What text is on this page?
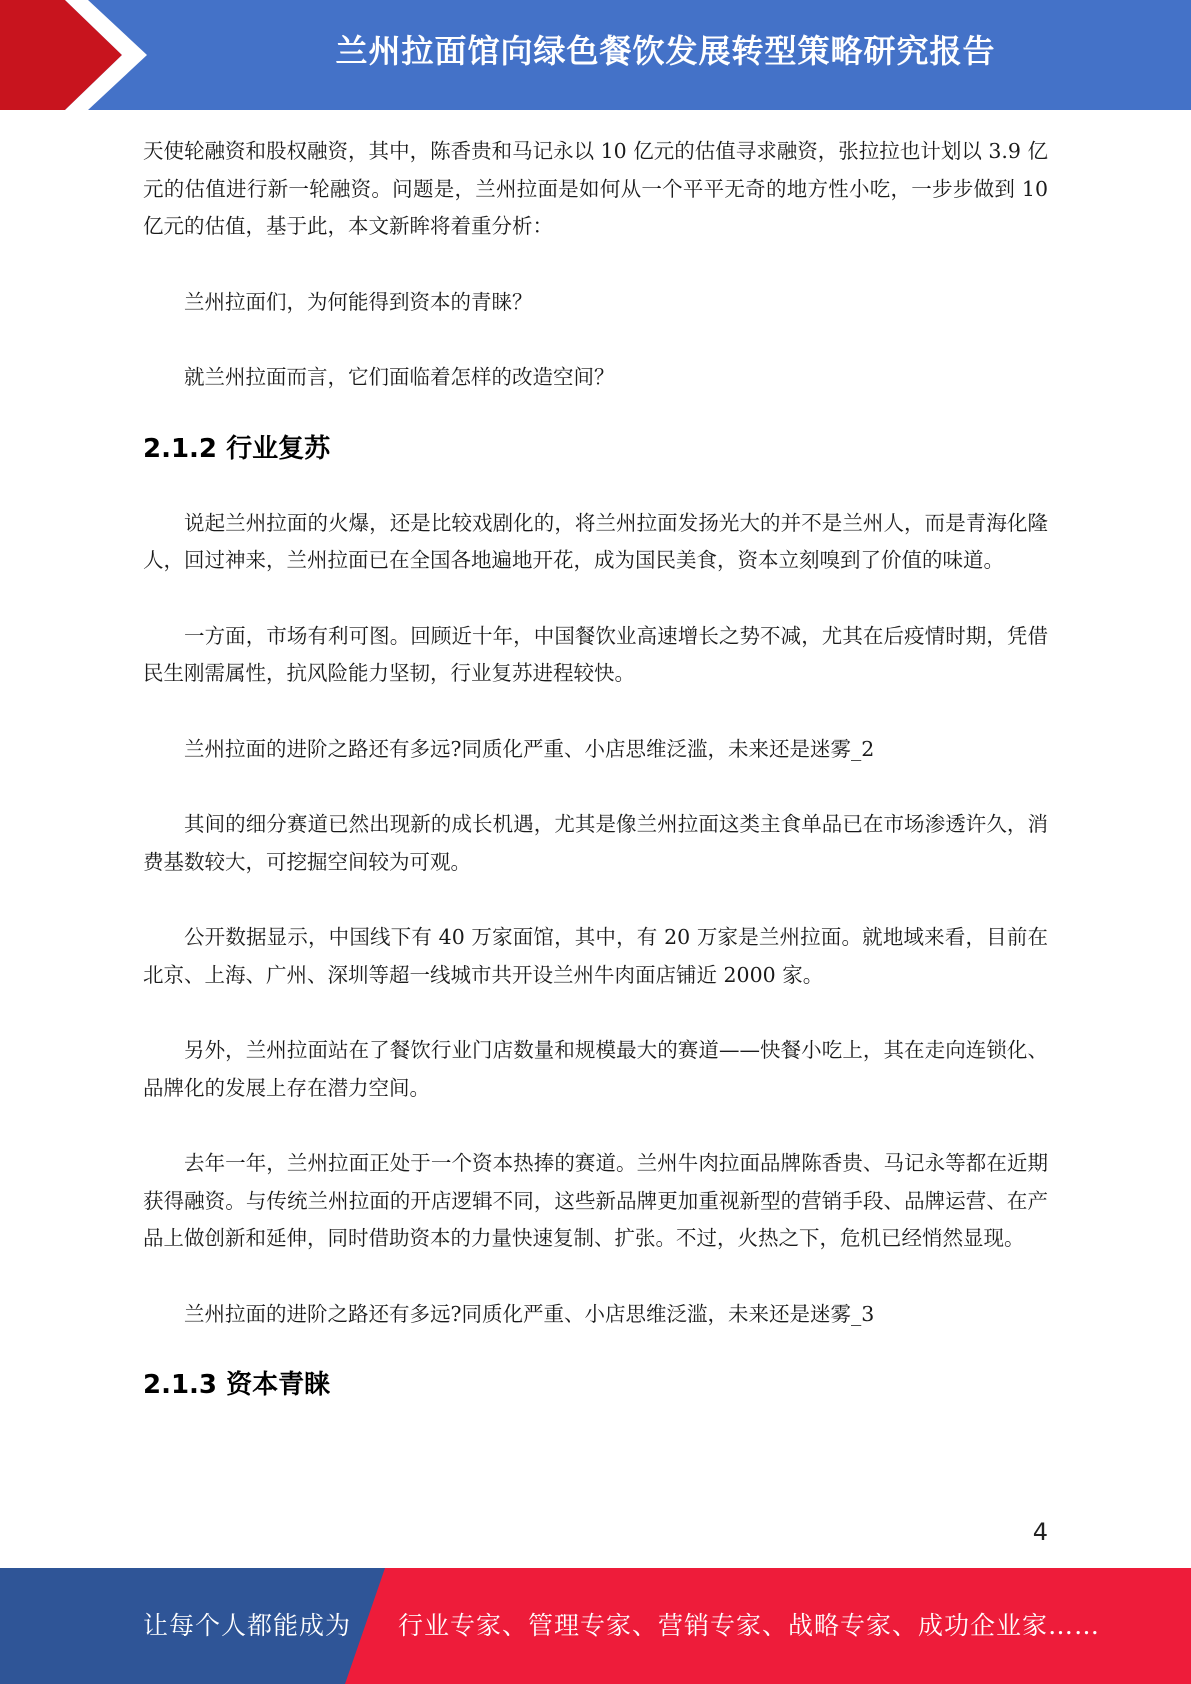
兰州拉面馆向绿色餐饮发展转型策略研究报告

天使轮融资和股权融资，其中，陈香贵和马记永以 10 亿元的估值寻求融资，张拉拉也计划以 3.9 亿元的估值进行新一轮融资。问题是，兰州拉面是如何从一个平平无奇的地方性小吃，一步步做到 10 亿元的估值，基于此，本文新眸将着重分析：

兰州拉面们，为何能得到资本的青睐？

就兰州拉面而言，它们面临着怎样的改造空间？

2.1.2 行业复苏

说起兰州拉面的火爆，还是比较戏剧化的，将兰州拉面发扬光大的并不是兰州人，而是青海化隆人，回过神来，兰州拉面已在全国各地遍地开花，成为国民美食，资本立刻嗅到了价值的味道。

一方面，市场有利可图。回顾近十年，中国餐饮业高速增长之势不减，尤其在后疫情时期，凭借民生刚需属性，抗风险能力坚韧，行业复苏进程较快。

兰州拉面的进阶之路还有多远?同质化严重、小店思维泛滥，未来还是迷雾_2

其间的细分赛道已然出现新的成长机遇，尤其是像兰州拉面这类主食单品已在市场渗透许久，消费基数较大，可挖掘空间较为可观。

公开数据显示，中国线下有 40 万家面馆，其中，有 20 万家是兰州拉面。就地域来看，目前在北京、上海、广州、深圳等超一线城市共开设兰州牛肉面店铺近 2000 家。

另外，兰州拉面站在了餐饮行业门店数量和规模最大的赛道——快餐小吃上，其在走向连锁化、品牌化的发展上存在潜力空间。

去年一年，兰州拉面正处于一个资本热捧的赛道。兰州牛肉拉面品牌陈香贵、马记永等都在近期获得融资。与传统兰州拉面的开店逻辑不同，这些新品牌更加重视新型的营销手段、品牌运营、在产品上做创新和延伸，同时借助资本的力量快速复制、扩张。不过，火热之下，危机已经悄然显现。

兰州拉面的进阶之路还有多远?同质化严重、小店思维泛滥，未来还是迷雾_3

2.1.3 资本青睐
4
让每个人都能成为 行业专家、管理专家、营销专家、战略专家、成功企业家……
